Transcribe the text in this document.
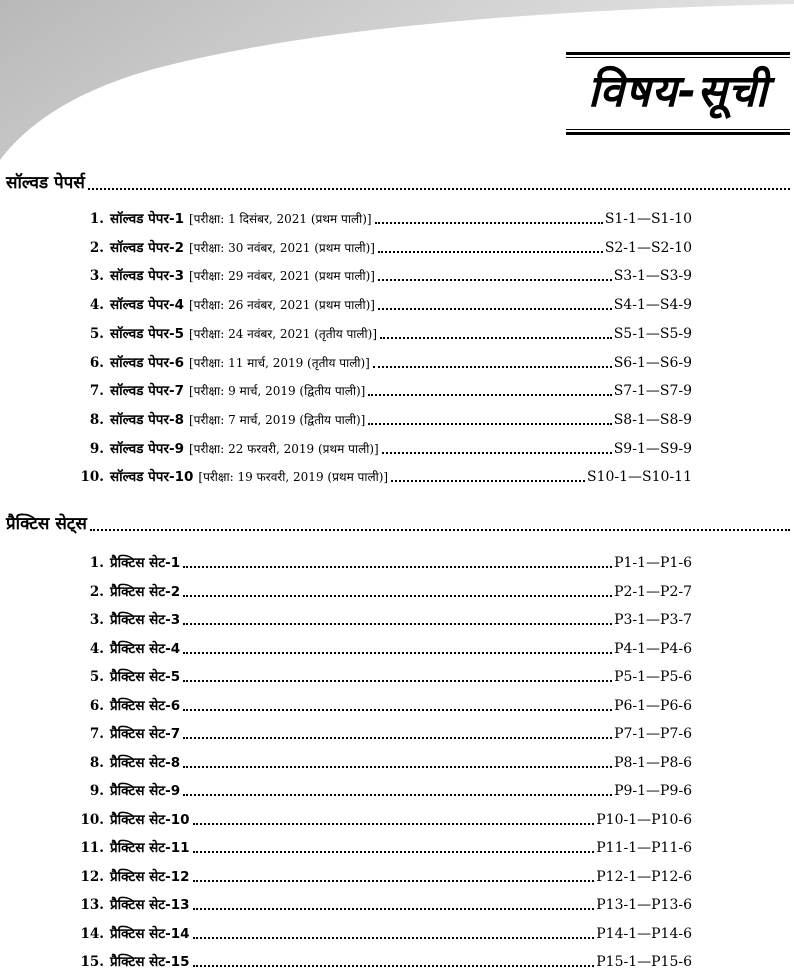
विषय-सूची
सॉल्वड पेपर्स
1. सॉल्वड पेपर-1 [परीक्षा: 1 दिसंबर, 2021 (प्रथम पाली)]	S1-1—S1-10
2. सॉल्वड पेपर-2 [परीक्षा: 30 नवंबर, 2021 (प्रथम पाली)]	S2-1—S2-10
3. सॉल्वड पेपर-3 [परीक्षा: 29 नवंबर, 2021 (प्रथम पाली)]	S3-1—S3-9
4. सॉल्वड पेपर-4 [परीक्षा: 26 नवंबर, 2021 (प्रथम पाली)]	S4-1—S4-9
5. सॉल्वड पेपर-5 [परीक्षा: 24 नवंबर, 2021 (तृतीय पाली)]	S5-1—S5-9
6. सॉल्वड पेपर-6 [परीक्षा: 11 मार्च, 2019 (तृतीय पाली)]	S6-1—S6-9
7. सॉल्वड पेपर-7 [परीक्षा: 9 मार्च, 2019 (द्वितीय पाली)]	S7-1—S7-9
8. सॉल्वड पेपर-8 [परीक्षा: 7 मार्च, 2019 (द्वितीय पाली)]	S8-1—S8-9
9. सॉल्वड पेपर-9 [परीक्षा: 22 फरवरी, 2019 (प्रथम पाली)]	S9-1—S9-9
10. सॉल्वड पेपर-10 [परीक्षा: 19 फरवरी, 2019 (प्रथम पाली)]	S10-1—S10-11
प्रैक्टिस सेट्स
1. प्रैक्टिस सेट-1	P1-1—P1-6
2. प्रैक्टिस सेट-2	P2-1—P2-7
3. प्रैक्टिस सेट-3	P3-1—P3-7
4. प्रैक्टिस सेट-4	P4-1—P4-6
5. प्रैक्टिस सेट-5	P5-1—P5-6
6. प्रैक्टिस सेट-6	P6-1—P6-6
7. प्रैक्टिस सेट-7	P7-1—P7-6
8. प्रैक्टिस सेट-8	P8-1—P8-6
9. प्रैक्टिस सेट-9	P9-1—P9-6
10. प्रैक्टिस सेट-10	P10-1—P10-6
11. प्रैक्टिस सेट-11	P11-1—P11-6
12. प्रैक्टिस सेट-12	P12-1—P12-6
13. प्रैक्टिस सेट-13	P13-1—P13-6
14. प्रैक्टिस सेट-14	P14-1—P14-6
15. प्रैक्टिस सेट-15	P15-1—P15-6
